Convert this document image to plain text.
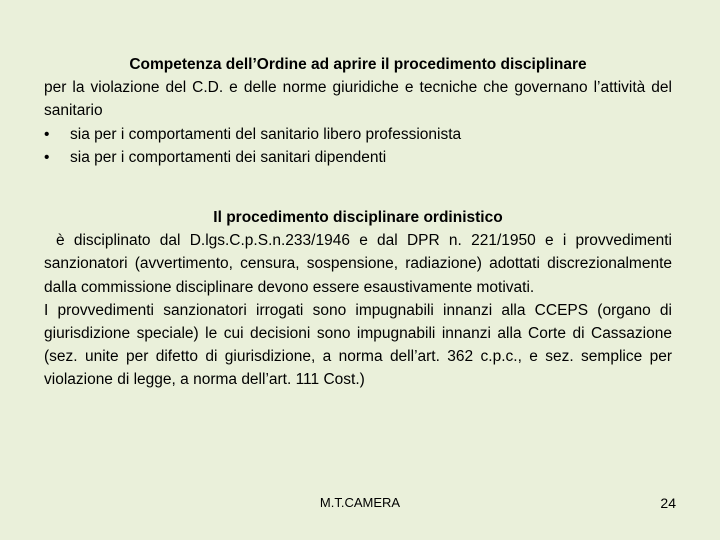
Competenza dell’Ordine ad aprire il procedimento disciplinare
per la violazione del C.D. e delle norme giuridiche e tecniche che governano l’attività del sanitario
•	sia per i comportamenti del sanitario libero professionista
•	sia per i comportamenti dei sanitari dipendenti
Il procedimento disciplinare ordinistico
è disciplinato dal D.lgs.C.p.S.n.233/1946 e dal DPR n. 221/1950 e i provvedimenti sanzionatori (avvertimento, censura, sospensione, radiazione) adottati discrezionalmente dalla commissione disciplinare devono essere esaustivamente motivati.
I provvedimenti sanzionatori irrogati sono impugnabili innanzi alla CCEPS (organo di giurisdizione speciale) le cui decisioni sono impugnabili innanzi alla Corte di Cassazione (sez. unite per difetto di giurisdizione, a norma dell’art. 362 c.p.c., e sez. semplice per violazione di legge, a norma dell’art. 111 Cost.)
M.T.CAMERA	24
